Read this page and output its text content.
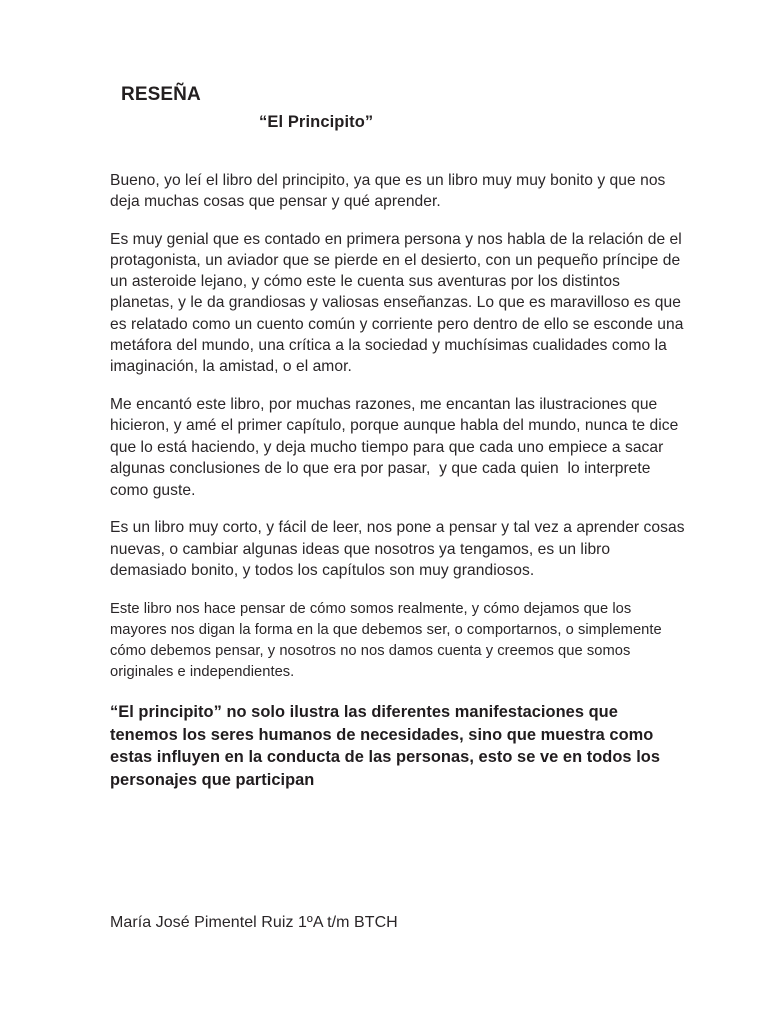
RESEÑA
“El Principito”

Bueno, yo leí el libro del principito, ya que es un libro muy muy bonito y que nos deja muchas cosas que pensar y qué aprender.

Es muy genial que es contado en primera persona y nos habla de la relación de el protagonista, un aviador que se pierde en el desierto, con un pequeño príncipe de un asteroide lejano, y cómo este le cuenta sus aventuras por los distintos planetas, y le da grandiosas y valiosas enseñanzas. Lo que es maravilloso es que es relatado como un cuento común y corriente pero dentro de ello se esconde una metáfora del mundo, una crítica a la sociedad y muchísimas cualidades como la imaginación, la amistad, o el amor.

Me encantó este libro, por muchas razones, me encantan las ilustraciones que hicieron, y amé el primer capítulo, porque aunque habla del mundo, nunca te dice que lo está haciendo, y deja mucho tiempo para que cada uno empiece a sacar algunas conclusiones de lo que era por pasar,  y que cada quien  lo interprete como guste.

Es un libro muy corto, y fácil de leer, nos pone a pensar y tal vez a aprender cosas nuevas, o cambiar algunas ideas que nosotros ya tengamos, es un libro demasiado bonito, y todos los capítulos son muy grandiosos.

Este libro nos hace pensar de cómo somos realmente, y cómo dejamos que los mayores nos digan la forma en la que debemos ser, o comportarnos, o simplemente cómo debemos pensar, y nosotros no nos damos cuenta y creemos que somos originales e independientes.

“El principito” no solo ilustra las diferentes manifestaciones que tenemos los seres humanos de necesidades, sino que muestra como estas influyen en la conducta de las personas, esto se ve en todos los personajes que participan

María José Pimentel Ruiz 1ºA t/m BTCH
